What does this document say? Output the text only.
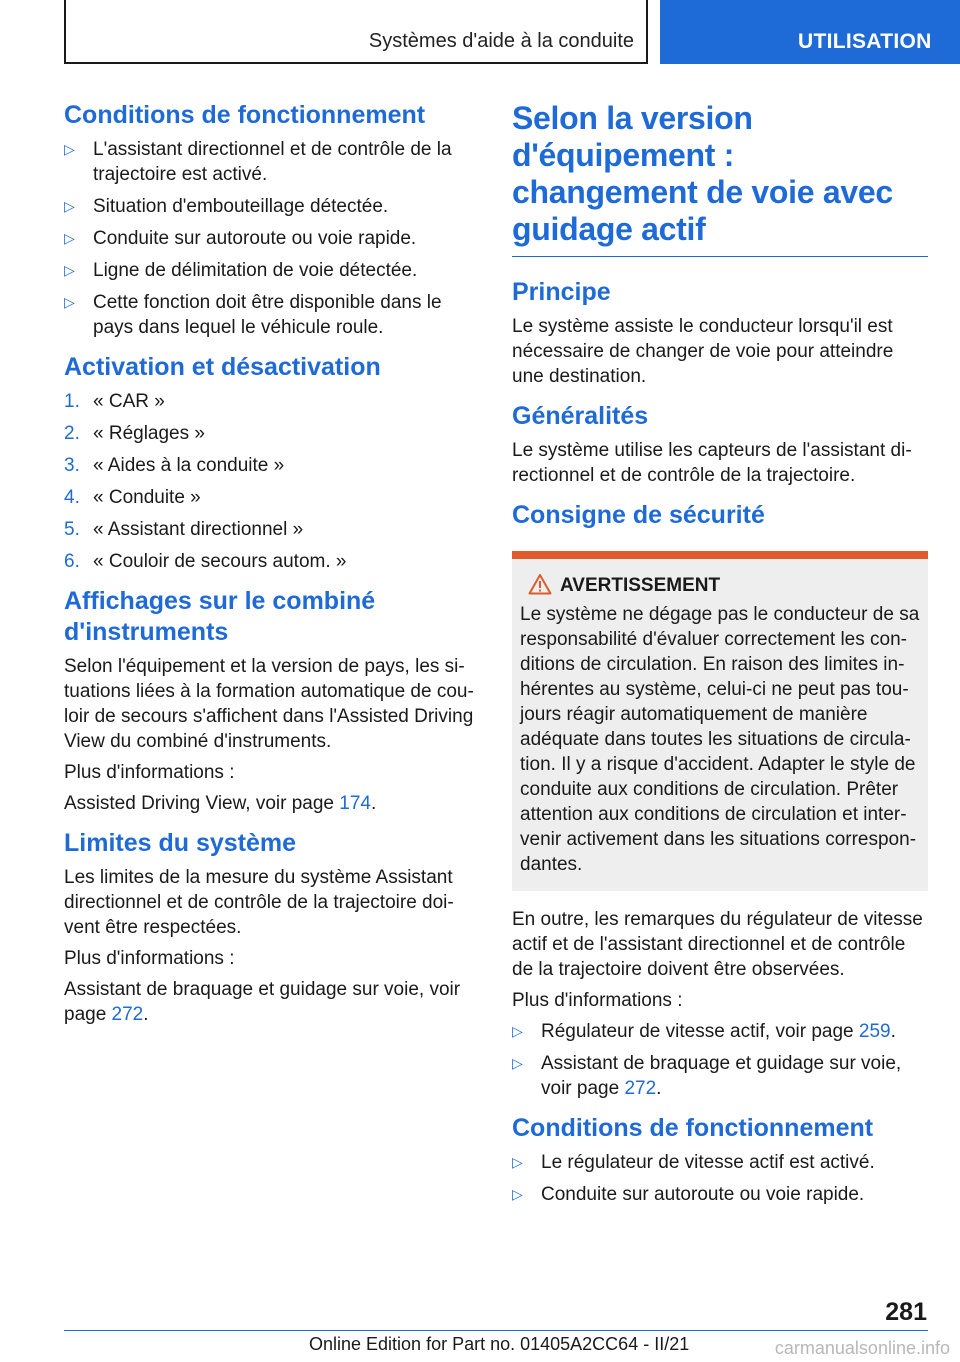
Systèmes d'aide à la conduite	UTILISATION
Conditions de fonctionnement
▷ L'assistant directionnel et de contrôle de la trajectoire est activé.
▷ Situation d'embouteillage détectée.
▷ Conduite sur autoroute ou voie rapide.
▷ Ligne de délimitation de voie détectée.
▷ Cette fonction doit être disponible dans le pays dans lequel le véhicule roule.
Activation et désactivation
1. « CAR »
2. « Réglages »
3. « Aides à la conduite »
4. « Conduite »
5. « Assistant directionnel »
6. « Couloir de secours autom. »
Affichages sur le combiné d'instruments

Selon l'équipement et la version de pays, les situations liées à la formation automatique de couloir de secours s'affichent dans l'Assisted Driving View du combiné d'instruments.

Plus d'informations :

Assisted Driving View, voir page 174.

Limites du système

Les limites de la mesure du système Assistant directionnel et de contrôle de la trajectoire doivent être respectées.

Plus d'informations :

Assistant de braquage et guidage sur voie, voir page 272.

Selon la version d'équipement : changement de voie avec guidage actif
Principe

Le système assiste le conducteur lorsqu'il est nécessaire de changer de voie pour atteindre une destination.

Généralités

Le système utilise les capteurs de l'assistant directionnel et de contrôle de la trajectoire.

Consigne de sécurité
AVERTISSEMENT

Le système ne dégage pas le conducteur de sa responsabilité d'évaluer correctement les conditions de circulation. En raison des limites inhérentes au système, celui-ci ne peut pas toujours réagir automatiquement de manière adéquate dans toutes les situations de circulation. Il y a risque d'accident. Adapter le style de conduite aux conditions de circulation. Prêter attention aux conditions de circulation et intervenir activement dans les situations correspondantes.

En outre, les remarques du régulateur de vitesse actif et de l'assistant directionnel et de contrôle de la trajectoire doivent être observées.

Plus d'informations :

▷ Régulateur de vitesse actif, voir page 259.
▷ Assistant de braquage et guidage sur voie, voir page 272.
Conditions de fonctionnement
▷ Le régulateur de vitesse actif est activé.
▷ Conduite sur autoroute ou voie rapide.
281
Online Edition for Part no. 01405A2CC64 - II/21	carmanualsonline.info
